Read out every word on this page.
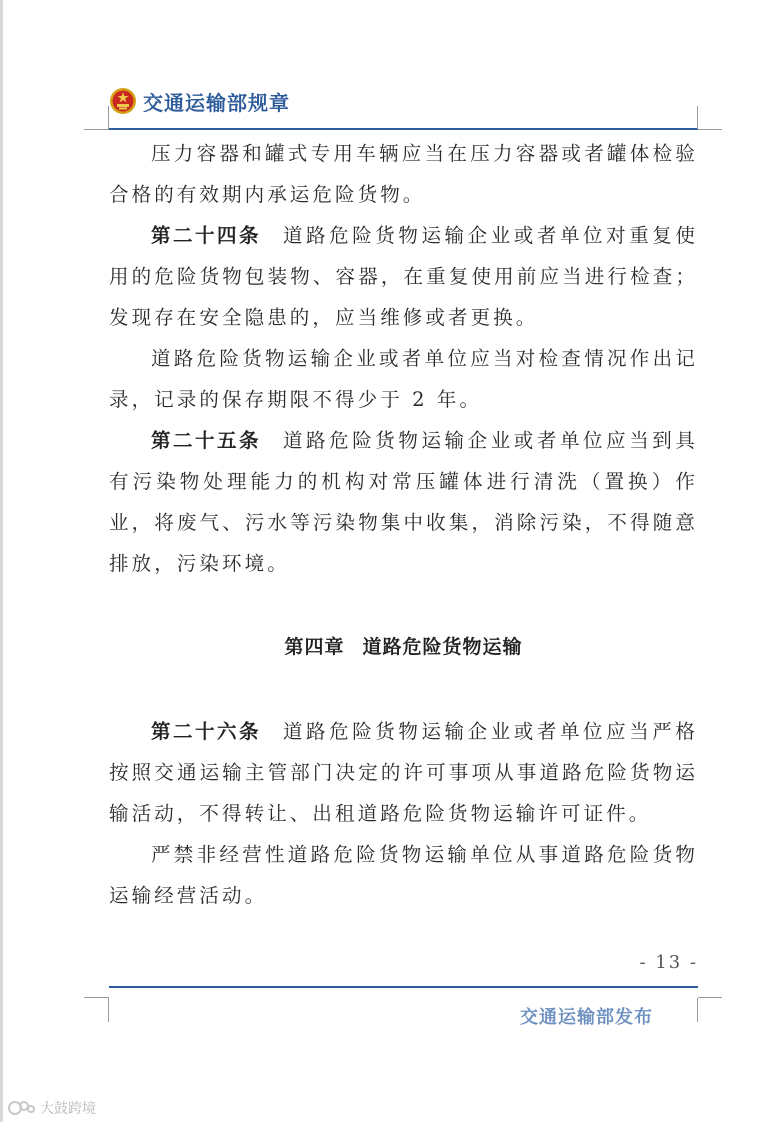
交通运输部规章

压力容器和罐式专用车辆应当在压力容器或者罐体检验合格的有效期内承运危险货物。

第二十四条 道路危险货物运输企业或者单位对重复使用的危险货物包装物、容器，在重复使用前应当进行检查；发现存在安全隐患的，应当维修或者更换。

道路危险货物运输企业或者单位应当对检查情况作出记录，记录的保存期限不得少于 2 年。

第二十五条 道路危险货物运输企业或者单位应当到具有污染物处理能力的机构对常压罐体进行清洗（置换）作业，将废气、污水等污染物集中收集，消除污染，不得随意排放，污染环境。

第四章 道路危险货物运输

第二十六条 道路危险货物运输企业或者单位应当严格按照交通运输主管部门决定的许可事项从事道路危险货物运输活动，不得转让、出租道路危险货物运输许可证件。

严禁非经营性道路危险货物运输单位从事道路危险货物运输经营活动。

- 13 -
交通运输部发布
大鼓跨境
